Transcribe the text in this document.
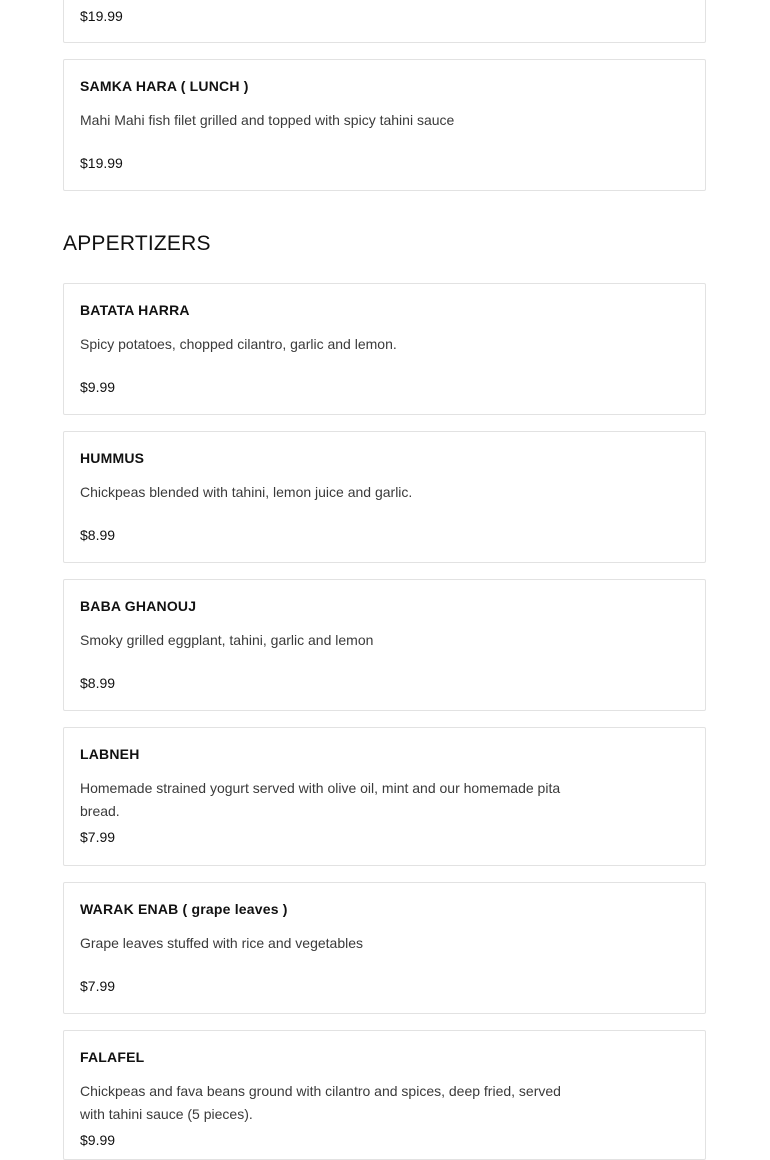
$19.99
SAMKA HARA ( LUNCH )
Mahi Mahi fish filet grilled and topped with spicy tahini sauce
$19.99
APPERTIZERS
BATATA HARRA
Spicy potatoes, chopped cilantro, garlic and lemon.
$9.99
HUMMUS
Chickpeas blended with tahini, lemon juice and garlic.
$8.99
BABA GHANOUJ
Smoky grilled eggplant, tahini, garlic and lemon
$8.99
LABNEH
Homemade strained yogurt served with olive oil, mint and our homemade pita bread.
$7.99
WARAK ENAB ( grape leaves )
Grape leaves stuffed with rice and vegetables
$7.99
FALAFEL
Chickpeas and fava beans ground with cilantro and spices, deep fried, served with tahini sauce (5 pieces).
$9.99
